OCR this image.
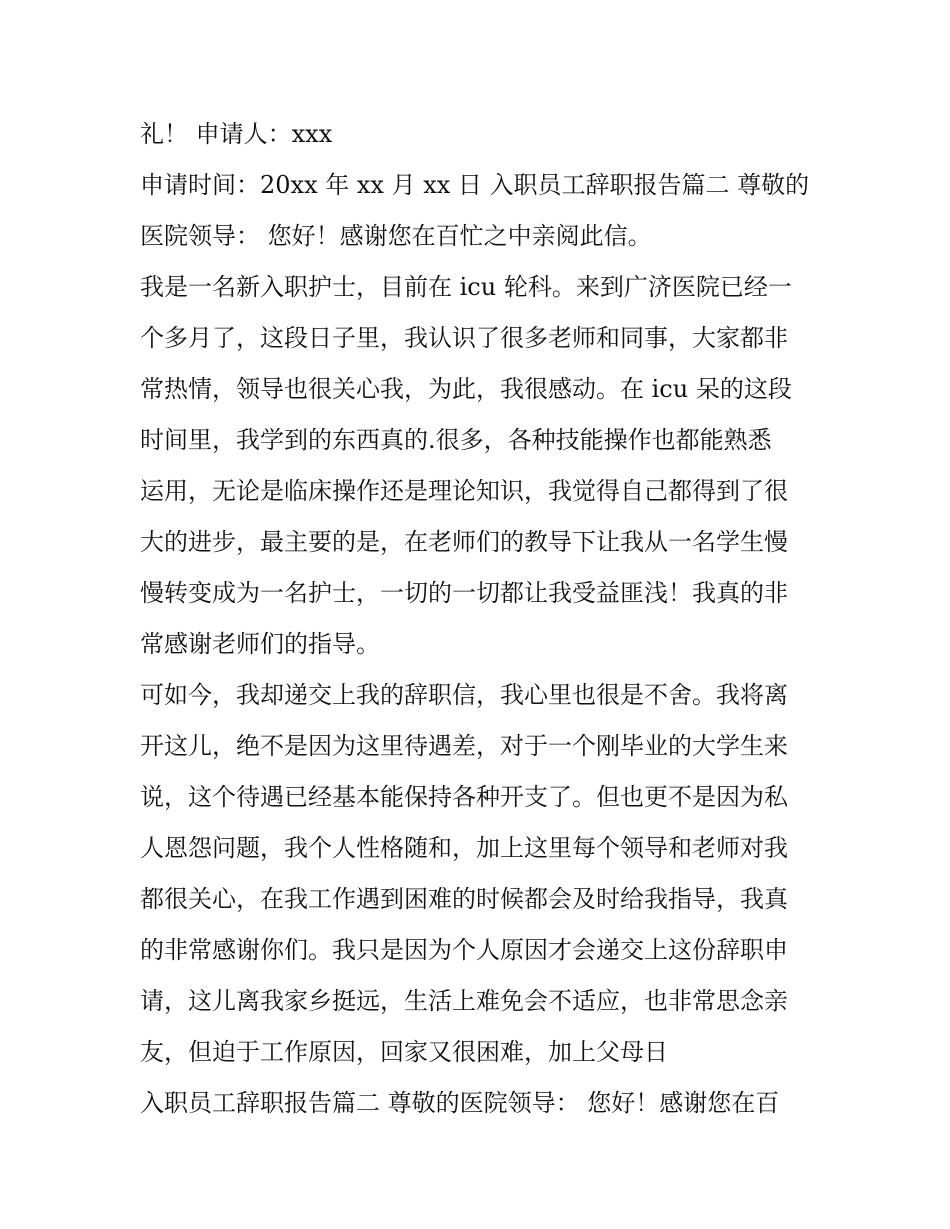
礼！ 申请人：xxx
申请时间：20xx 年 xx 月 xx 日 入职员工辞职报告篇二 尊敬的
医院领导： 您好！感谢您在百忙之中亲阅此信。
我是一名新入职护士，目前在 icu 轮科。来到广济医院已经一
个多月了，这段日子里，我认识了很多老师和同事，大家都非
常热情，领导也很关心我，为此，我很感动。在 icu 呆的这段
时间里，我学到的东西真的.很多，各种技能操作也都能熟悉
运用，无论是临床操作还是理论知识，我觉得自己都得到了很
大的进步，最主要的是，在老师们的教导下让我从一名学生慢
慢转变成为一名护士，一切的一切都让我受益匪浅！我真的非
常感谢老师们的指导。
可如今，我却递交上我的辞职信，我心里也很是不舍。我将离
开这儿，绝不是因为这里待遇差，对于一个刚毕业的大学生来
说，这个待遇已经基本能保持各种开支了。但也更不是因为私
人恩怨问题，我个人性格随和，加上这里每个领导和老师对我
都很关心，在我工作遇到困难的时候都会及时给我指导，我真
的非常感谢你们。我只是因为个人原因才会递交上这份辞职申
请，这儿离我家乡挺远，生活上难免会不适应，也非常思念亲
友，但迫于工作原因，回家又很困难，加上父母日
入职员工辞职报告篇二 尊敬的医院领导： 您好！感谢您在百
